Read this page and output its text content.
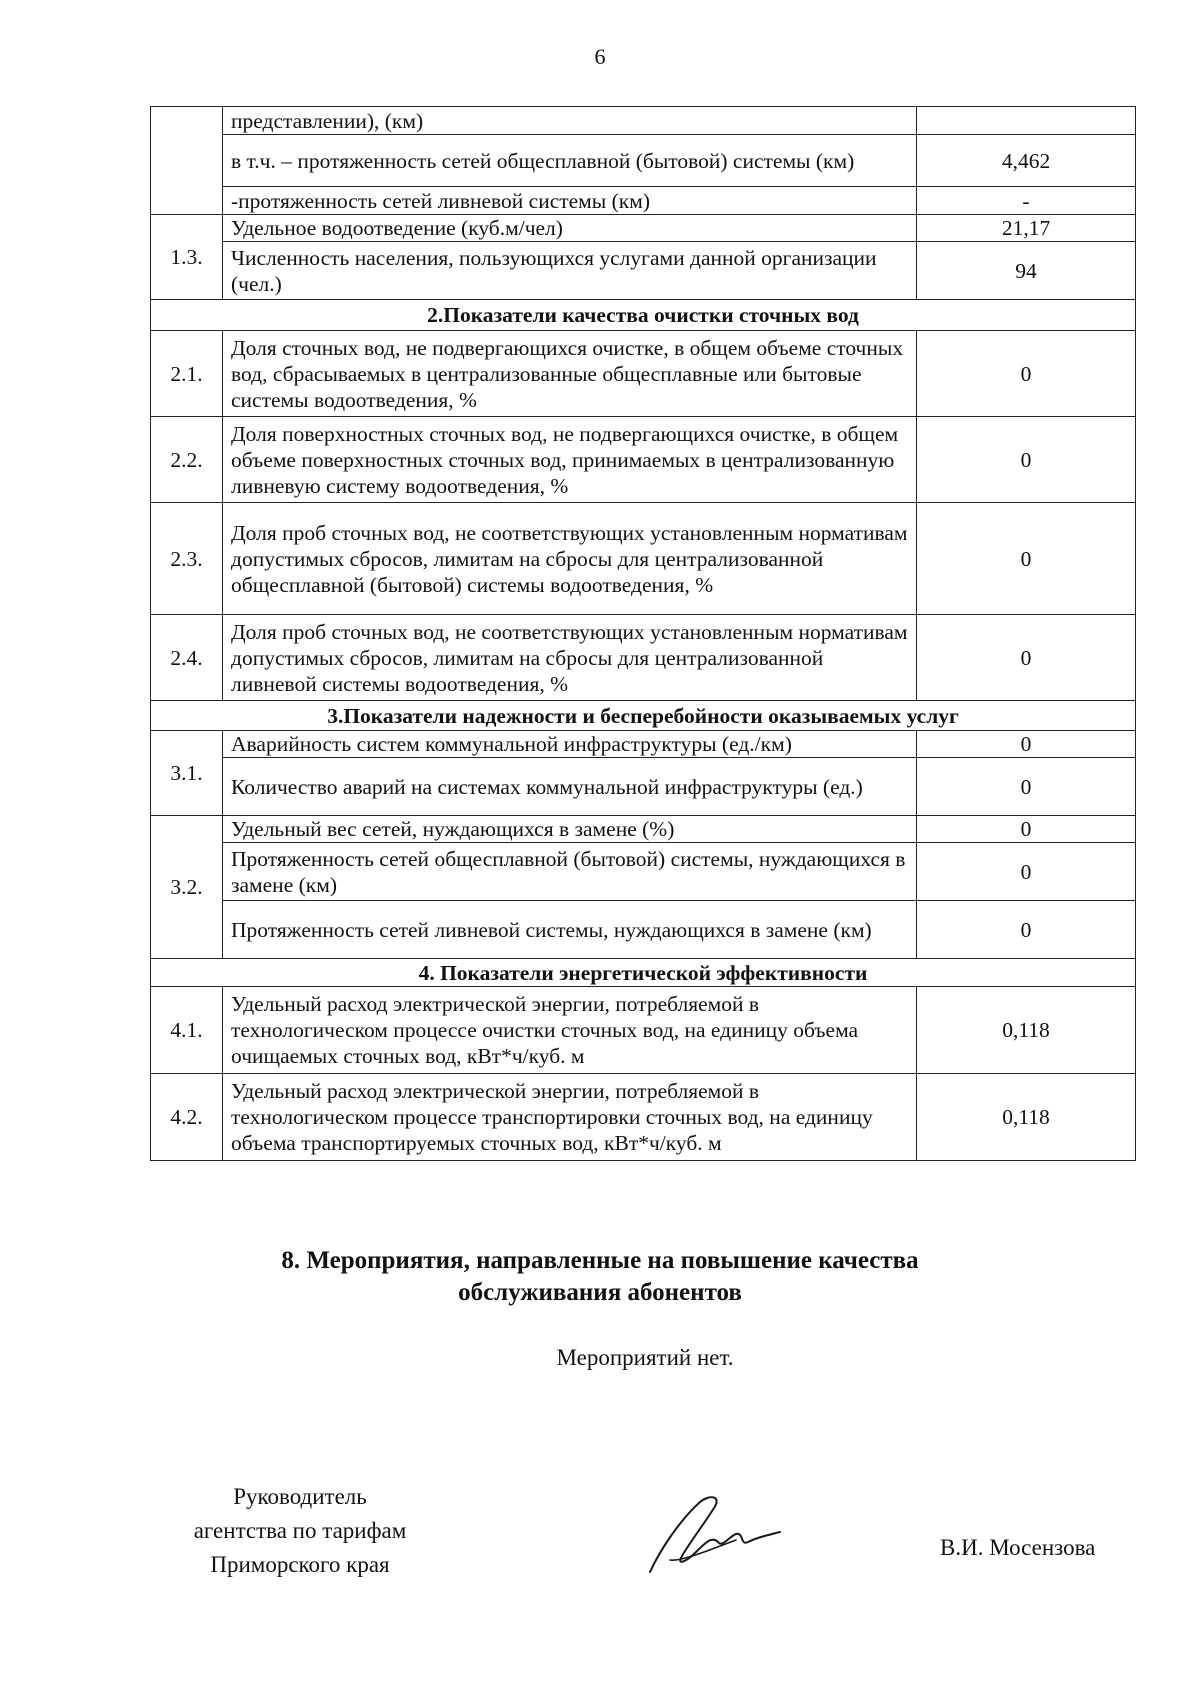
6
	представлении), (км)	
	в т.ч. – протяженность сетей общесплавной (бытовой) системы (км)	4,462
	-протяженность сетей ливневой системы (км)	-
1.3.	Удельное водоотведение (куб.м/чел)	21,17
	Численность населения, пользующихся услугами данной организации (чел.)	94
2.Показатели качества очистки сточных вод		
2.1.	Доля сточных вод, не подвергающихся очистке, в общем объеме сточных вод, сбрасываемых в централизованные общесплавные или бытовые системы водоотведения, %	0
2.2.	Доля поверхностных сточных вод, не подвергающихся очистке, в общем объеме поверхностных сточных вод, принимаемых в централизованную ливневую систему водоотведения, %	0
2.3.	Доля проб сточных вод, не соответствующих установленным нормативам допустимых сбросов, лимитам на сбросы для централизованной общесплавной (бытовой) системы водоотведения, %	0
2.4.	Доля проб сточных вод, не соответствующих установленным нормативам допустимых сбросов, лимитам на сбросы для централизованной ливневой системы водоотведения, %	0
3.Показатели надежности и бесперебойности оказываемых услуг		
3.1.	Аварийность систем коммунальной инфраструктуры (ед./км)	0
	Количество аварий на системах коммунальной инфраструктуры (ед.)	0
3.2.	Удельный вес сетей, нуждающихся в замене (%)	0
	Протяженность сетей общесплавной (бытовой) системы, нуждающихся в замене (км)	0
	Протяженность сетей ливневой системы, нуждающихся в замене (км)	0
4. Показатели энергетической эффективности		
4.1.	Удельный расход электрической энергии, потребляемой в технологическом процессе очистки сточных вод, на единицу объема очищаемых сточных вод, кВт*ч/куб. м	0,118
4.2.	Удельный расход электрической энергии, потребляемой в технологическом процессе транспортировки сточных вод, на единицу объема транспортируемых сточных вод, кВт*ч/куб. м	0,118
8. Мероприятия, направленные на повышение качества
обслуживания абонентов
Мероприятий нет.
Руководитель
агентства по тарифам
Приморского края
В.И. Мосензова
